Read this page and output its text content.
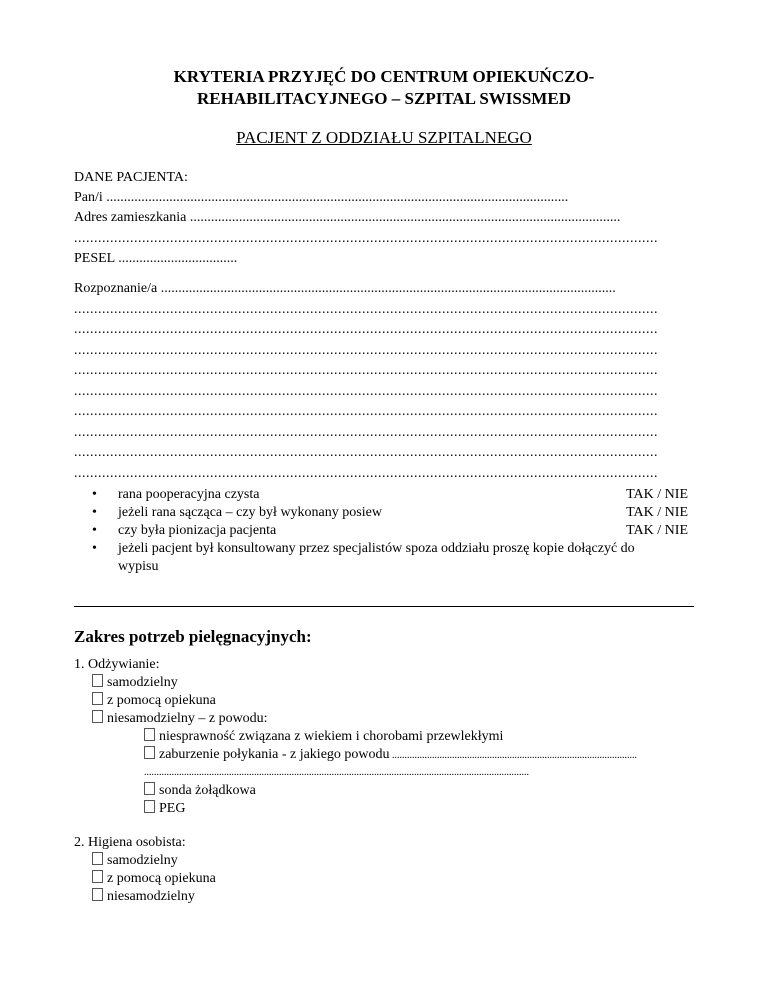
KRYTERIA PRZYJĘĆ DO CENTRUM OPIEKUŃCZO-
REHABILITACYJNEGO – SZPITAL SWISSMED
PACJENT Z ODDZIAŁU SZPITALNEGO
DANE PACJENTA:
Pan/i ....................................................................................................................................
Adres zamieszkania ...........................................................................................................................
..................................................................................................................................................
PESEL ..................................
Rozpoznanie/a ..................................................................................................................................
..................................................................................................................................................
..................................................................................................................................................
..................................................................................................................................................
..................................................................................................................................................
..................................................................................................................................................
..................................................................................................................................................
..................................................................................................................................................
..................................................................................................................................................
..................................................................................................................................................
• rana pooperacyjna czysta	TAK / NIE
• jeżeli rana sącząca – czy był wykonany posiew	TAK / NIE
• czy była pionizacja pacjenta	TAK / NIE
• jeżeli pacjent był konsultowany przez specjalistów spoza oddziału proszę kopie dołączyć do
wypisu
Zakres potrzeb pielęgnacyjnych:
1. Odżywianie:
samodzielny
z pomocą opiekuna
niesamodzielny – z powodu:
niesprawność związana z wiekiem i chorobami przewlekłymi
zaburzenie połykania - z jakiego powodu ..................................................................................................
..........................................................................................................................................................
sonda żołądkowa
PEG
2. Higiena osobista:
samodzielny
z pomocą opiekuna
niesamodzielny
